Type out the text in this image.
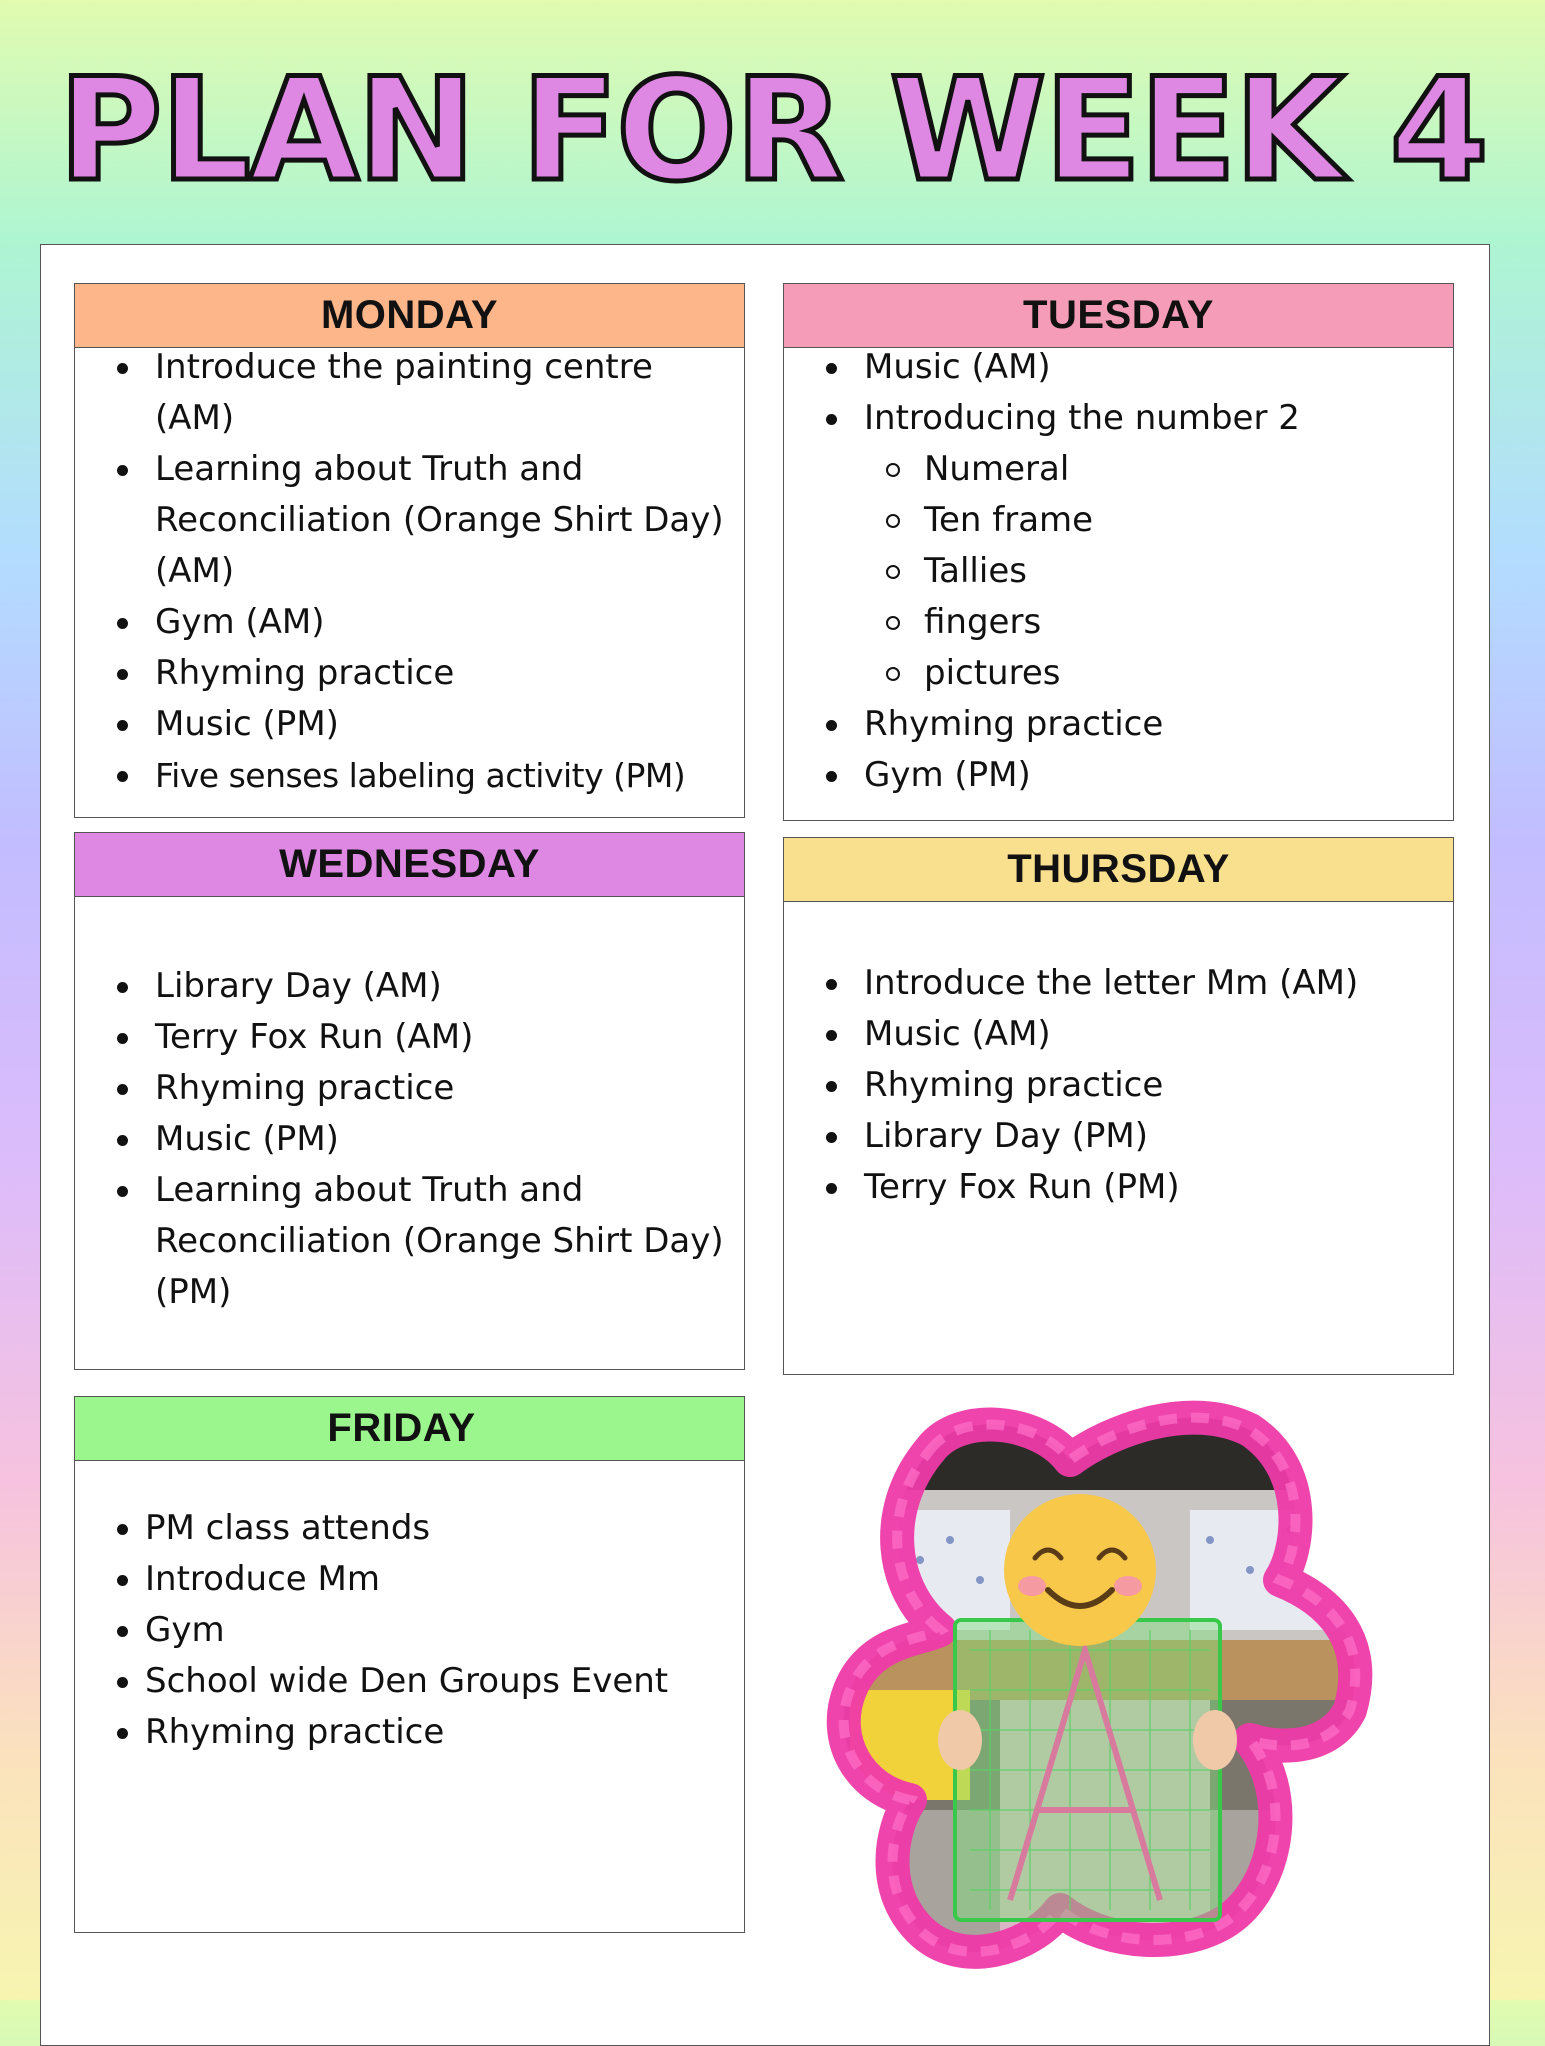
PLAN FOR WEEK 4
MONDAY
Introduce the painting centre (AM)
Learning about Truth and Reconciliation (Orange Shirt Day) (AM)
Gym (AM)
Rhyming practice
Music (PM)
Five senses labeling activity (PM)
TUESDAY
Music (AM)
Introducing the number 2
Numeral
Ten frame
Tallies
fingers
pictures
Rhyming practice
Gym (PM)
WEDNESDAY
Library Day (AM)
Terry Fox Run (AM)
Rhyming practice
Music (PM)
Learning about Truth and Reconciliation (Orange Shirt Day) (PM)
THURSDAY
Introduce the letter Mm (AM)
Music (AM)
Rhyming practice
Library Day (PM)
Terry Fox Run (PM)
FRIDAY
PM class attends
Introduce Mm
Gym
School wide Den Groups Event
Rhyming practice
